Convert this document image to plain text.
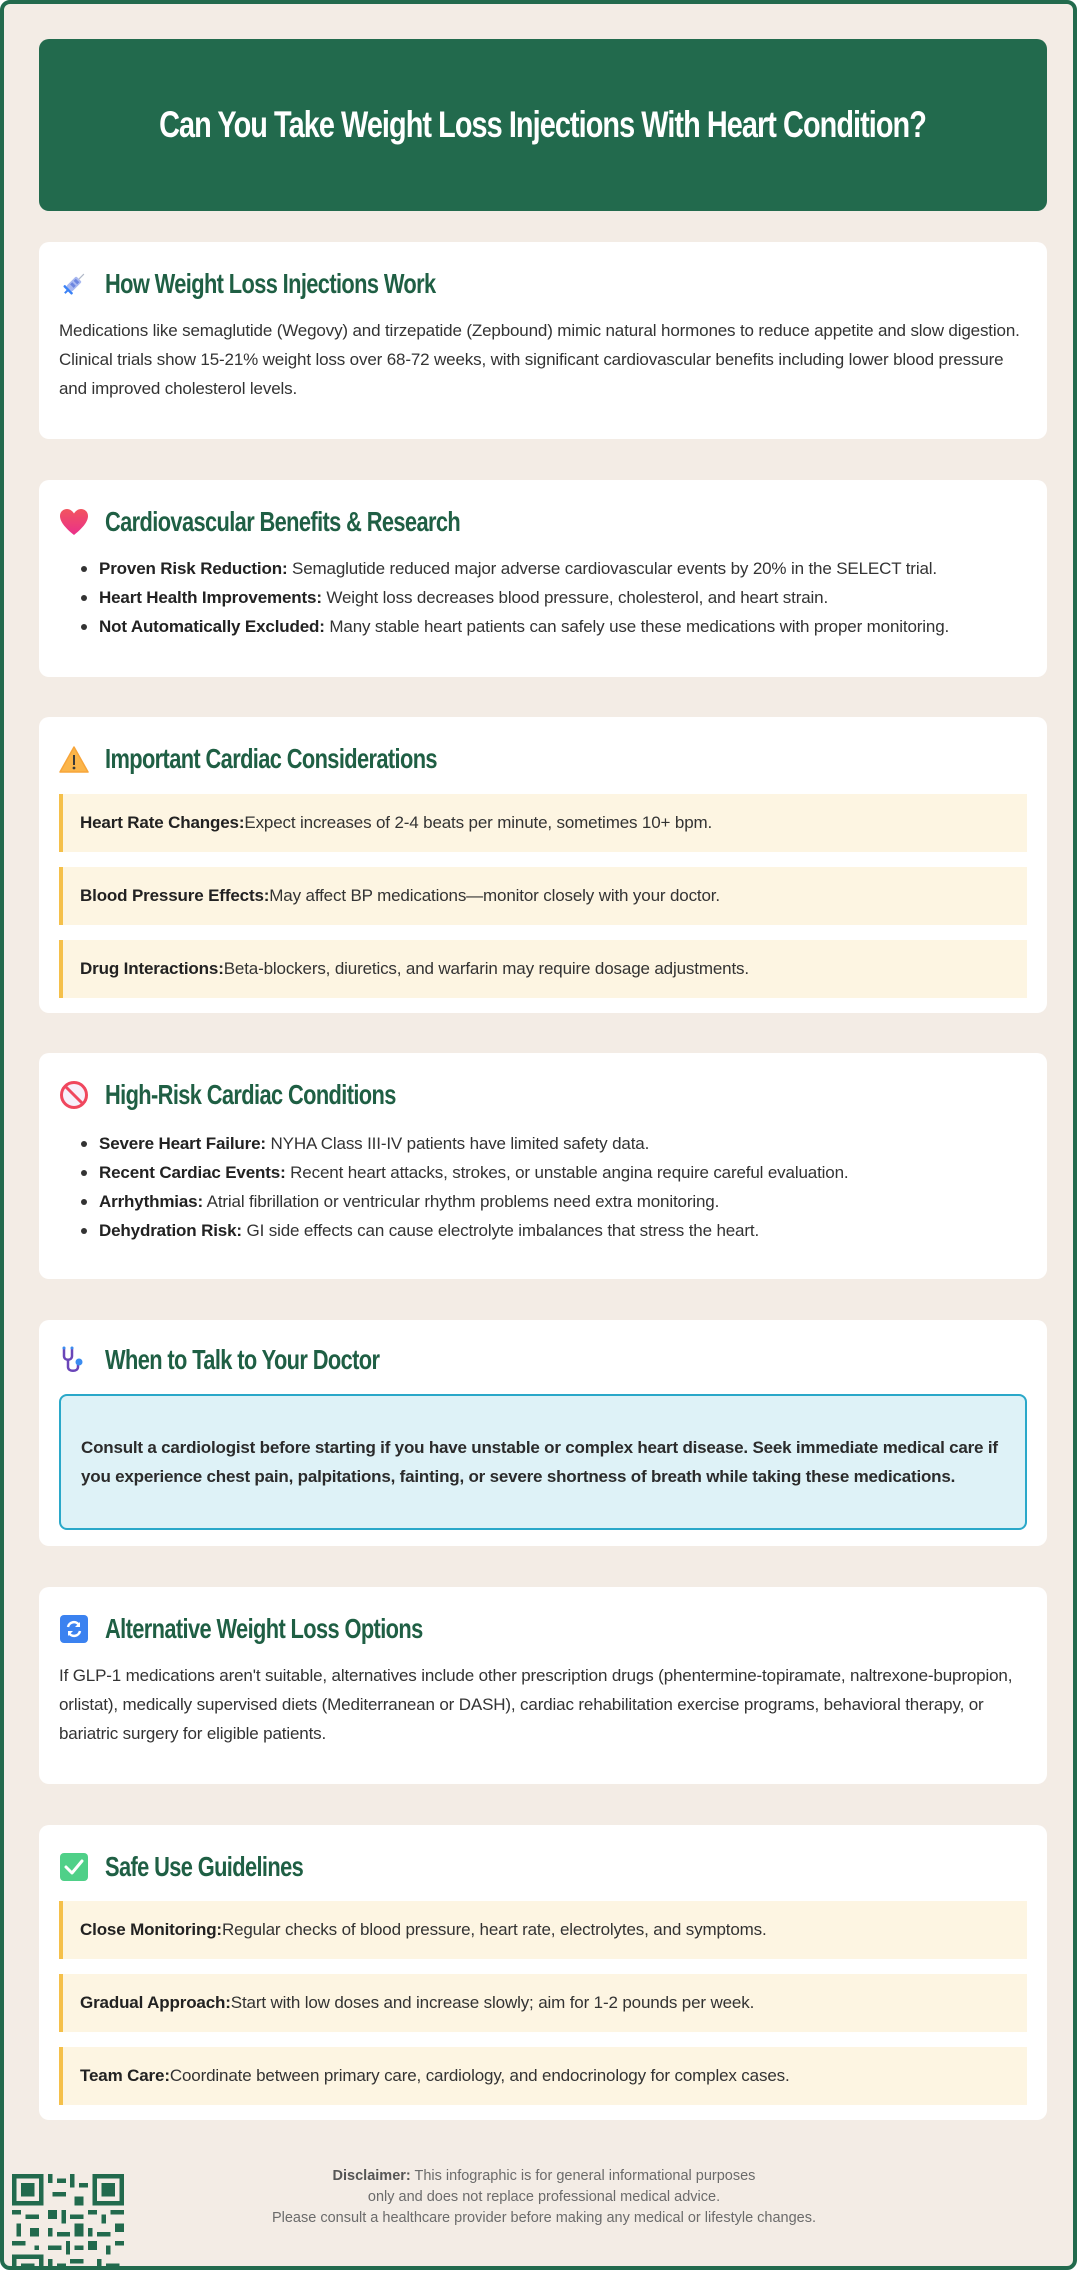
Can You Take Weight Loss Injections With Heart Condition?
How Weight Loss Injections Work

Medications like semaglutide (Wegovy) and tirzepatide (Zepbound) mimic natural hormones to reduce appetite and slow digestion. Clinical trials show 15-21% weight loss over 68-72 weeks, with significant cardiovascular benefits including lower blood pressure and improved cholesterol levels.

Cardiovascular Benefits & Research
Proven Risk Reduction: Semaglutide reduced major adverse cardiovascular events by 20% in the SELECT trial.
Heart Health Improvements: Weight loss decreases blood pressure, cholesterol, and heart strain.
Not Automatically Excluded: Many stable heart patients can safely use these medications with proper monitoring.
Important Cardiac Considerations
Heart Rate Changes: Expect increases of 2-4 beats per minute, sometimes 10+ bpm.
Blood Pressure Effects: May affect BP medications—monitor closely with your doctor.
Drug Interactions: Beta-blockers, diuretics, and warfarin may require dosage adjustments.
High-Risk Cardiac Conditions
Severe Heart Failure: NYHA Class III-IV patients have limited safety data.
Recent Cardiac Events: Recent heart attacks, strokes, or unstable angina require careful evaluation.
Arrhythmias: Atrial fibrillation or ventricular rhythm problems need extra monitoring.
Dehydration Risk: GI side effects can cause electrolyte imbalances that stress the heart.
When to Talk to Your Doctor

Consult a cardiologist before starting if you have unstable or complex heart disease. Seek immediate medical care if you experience chest pain, palpitations, fainting, or severe shortness of breath while taking these medications.

Alternative Weight Loss Options

If GLP-1 medications aren't suitable, alternatives include other prescription drugs (phentermine-topiramate, naltrexone-bupropion, orlistat), medically supervised diets (Mediterranean or DASH), cardiac rehabilitation exercise programs, behavioral therapy, or bariatric surgery for eligible patients.

Safe Use Guidelines
Close Monitoring: Regular checks of blood pressure, heart rate, electrolytes, and symptoms.
Gradual Approach: Start with low doses and increase slowly; aim for 1-2 pounds per week.
Team Care: Coordinate between primary care, cardiology, and endocrinology for complex cases.
Disclaimer: This infographic is for general informational purposes
only and does not replace professional medical advice.
Please consult a healthcare provider before making any medical or lifestyle changes.
